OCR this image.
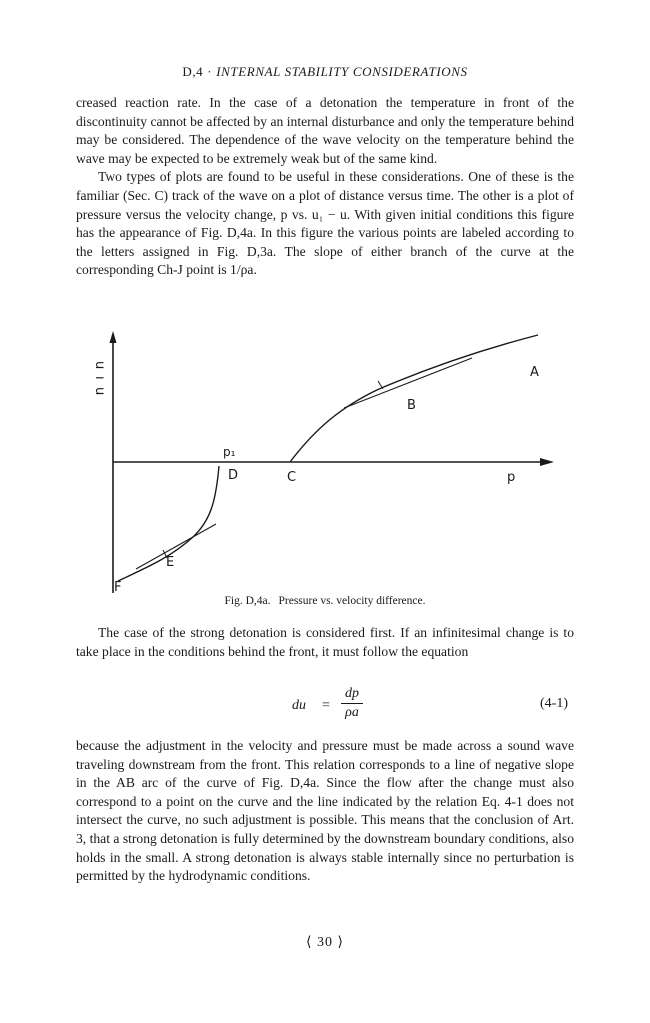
D,4 · INTERNAL STABILITY CONSIDERATIONS

creased reaction rate. In the case of a detonation the temperature in front of the discontinuity cannot be affected by an internal disturbance and only the temperature behind may be considered. The dependence of the wave velocity on the temperature behind the wave may be expected to be extremely weak but of the same kind.

Two types of plots are found to be useful in these considerations. One of these is the familiar (Sec. C) track of the wave on a plot of distance versus time. The other is a plot of pressure versus the velocity change, p vs. u₁ − u. With given initial conditions this figure has the appearance of Fig. D,4a. In this figure the various points are labeled according to the letters assigned in Fig. D,3a. The slope of either branch of the curve at the corresponding Ch-J point is 1/ρa.

A
B
C
D
p₁
E
F
p
u
ı
u
Fig. D,4a. Pressure vs. velocity difference.

The case of the strong detonation is considered first. If an infinitesimal change is to take place in the conditions behind the front, it must follow the equation

du =
dp
ρa
(4-1)

because the adjustment in the velocity and pressure must be made across a sound wave traveling downstream from the front. This relation corresponds to a line of negative slope in the AB arc of the curve of Fig. D,4a. Since the flow after the change must also correspond to a point on the curve and the line indicated by the relation Eq. 4-1 does not intersect the curve, no such adjustment is possible. This means that the conclusion of Art. 3, that a strong detonation is fully determined by the downstream boundary conditions, also holds in the small. A strong detonation is always stable internally since no perturbation is permitted by the hydrodynamic conditions.

⟨ 30 ⟩
